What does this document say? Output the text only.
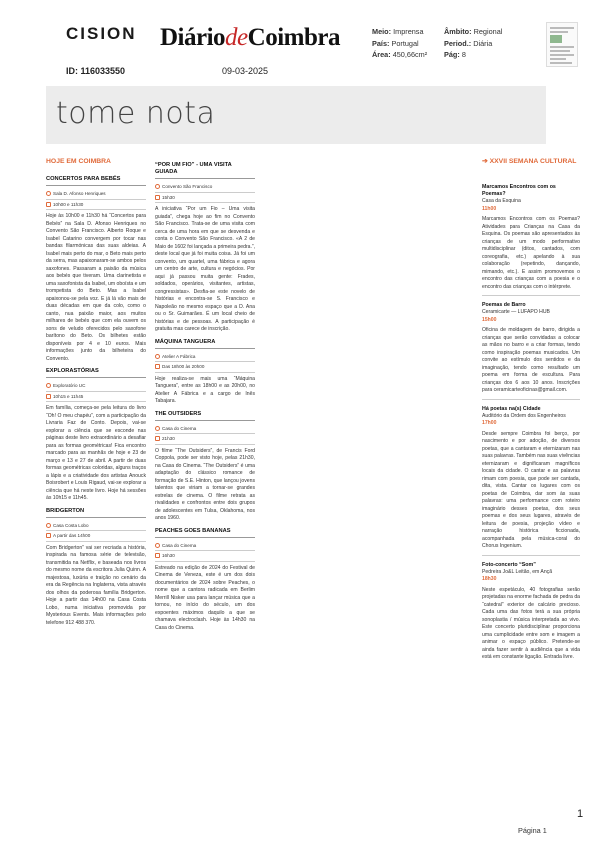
CISION DiáriodeCoimbra	Meio: Imprensa
País: Portugal
Área: 450,66cm²
Âmbito: Regional
Period.: Diária
Pág: 8
ID: 116033550	09-03-2025
tome nota
HOJE EM COIMBRA
CONCERTOS PARA BEBÉS
Sala D. Afonso Henriques
10h00 e 11h30
Hoje às 10h00 e 11h30 há “Concertos para Bebés” na Sala D. Afonso Henriques no Convento São Francisco. Alberto Roque e Isabel Catarino convergem por tocar nas bandas filarmónicas das suas aldeias. A Isabel mais perto do mar, o Beto mais perto da serra, mas apaixonaram-se ambos pelos saxofones. Passaram a paixão da música aos bebés que tiveram. Uma clarinetista e uma saxofonista da Isabel, um oboísta e um trompetista do Beto. Mas a Isabel apaixonou-se pela voz. E já lá vão mais de duas décadas em que da colo, como o canto, nua paixão maior, aos muitos milhares de bebés que com ela ouvem os sons de veludo oferecidos pelo saxofone barítono do Beto. Os bilhetes estão disponíveis por 4 e 10 euros. Mais informações junto da bilheteira do Convento.
EXPLORASTÓRIAS
Exploratório UC
10h15 e 11h45
Em família, começa-se pela leitura do livro “Oh! O meu chapéu”, com a participação da Livraria Faz de Conto. Depois, vai-se explorar a ciência que se esconde nas páginas deste livro extraordinário a desafiar para as formas geométricas! Fica encontro marcado para as manhãs de hoje e 23 de março e 13 e 27 de abril. A partir de duas formas geométricas coloridas, alguns traços a lápis e a criatividade dos artistas Anouck Boisrobert e Louis Rigaud, vai-se explorar a ciência que há neste livro. Hoje há sessões às 10h15 e 11h45.
BRIDGERTON
Casa Costa Lobo
A partir das 14h00
Com Bridgerton” vai ser recriada a história, inspirada na famosa série de televisão, transmitida na Netflix, e baseada nos livros do mesmo nome da escritora Julia Quinn. A majestosa, luxúria e traição no cenário da era da Regência na Inglaterra, vista através dos olhos da poderosa família Bridgerton. Hoje a partir das 14h00 na Casa Costa Lobo, numa iniciativa promovida por Mysterious Events. Mais informações pelo telefone 912 488 370.
“POR UM FIO” - UMA VISITA GUIADA
Convento São Francisco
15h30
A iniciativa “Por um Fio – Uma visita guiada”, chega hoje ao fim no Convento São Francisco. Trata-se de uma visita com cerca de uma hora em que se desvenda e conta o Convento São Francisco. «A 2 de Maio de 1602 foi lançada a primeira pedra.”, destе local que já foi muita coisa. Já foi um convento, um quartel, uma fábrica e agora um centro de arte, cultura e negócios. Por aqui já passou muita gente: Frades, soldados, operários, visitantes, artistas, congressistas». Desfia-se este novelo de histórias e encontra-se S. Francisco e Napoleão no mesmo espaço que a D. Ana ou o Sr. Guimarães. É um local cheio de histórias e de pessoas. A participação é gratuita mas carece de inscrição.
MÁQUINA TANGUERA
Atelier A Fábrica
Das 18h00 às 20h00
Hoje realiza-se mais uma “Máquina Tanguera”, entre as 18h00 e as 20h00, no Atelier A Fábrica e a cargo de Inês Tabajara.
THE OUTSIDERS
Casa do Cinema
21h30
O filme “The Outsiders”, de Francis Ford Coppola, pode ser visto hoje, pelas 21h30, na Casa do Cinema. “The Outsiders” é uma adaptação do clássico romance de formação de S.E. Hinton, que lançou jovens talentos que viriam a tornar-se grandes estrelas de cinema. O filme retrata as rivalidades e confrontos entre dois grupos de adolescentes em Tulsa, Oklahoma, nos anos 1960.
PEACHES GOES BANANAS
Casa do Cinema
16h30
Estreado na edição de 2024 do Festival de Cinema de Veneza, este é um dos dois documentários de 2024 sobre Peaches, o nome que a cantora radicada em Berlim Merrill Nisker usa para lançar música que a tornou, no início do século, um dos expoentes máximos daquilo a que se chamava electroclash. Hoje às 14h30 na Casa do Cinema.
➔ XXVII SEMANA CULTURAL
Marcamos Encontros com os Poemas?
Casa da Esquina
11h00
Marcamos Encontros com os Poemas? Atividades para Crianças na Casa da Esquina. Os poemas são apresentados às crianças de um modo performativo multidisciplinar (ditos, cantados, com coreografia, etc.) apelando à sua colaboração (repetindo, dançando, mimando, etc.). E assim promovemos o encontro das crianças com a poesia e o encontro das crianças com o intérprete.
Poemas de Barro
Ceramicarte — LUFAPO HUB
15h00
Oficina de moldagem de barro, dirigida a crianças que serão convidadas a colocar as mãos no barro e a criar formas, tendo como inspiração poemas musicados. Um convite ao estímulo dos sentidos e da imaginação, tendo como resultado um poema em forma de escultura. Para crianças dos 6 aos 10 anos. Inscrições para ceramicarteoficinas@gmail.com.
Há poetas na(s) Cidade
Auditório da Ordem dos Engenheiros
17h00
Desde sempre Coimbra foi berço, por nascimento e por adoção, de diversos poetas, que a cantaram e eternizaram nas suas palavras. Também nas suas vivências eternizaram e dignificaram magníficos locais da cidade. O cantar e as palavras rimam com poesia, que pode ser cantada, dita, vista. Cantar os lugares com os poetas de Coimbra, dar som às suas palavras: uma performance com roteiro imaginário desses poetas, dos seus poemas e dos seus lugares, através de leitura de poesia, projeção vídeo e narração histórica ficcionada, acompanhada pela música-coral do Chorus Ingenium.
Foto-concerto “Som”
Pedreira Jo&L Leitão, em Ançã
18h30
Neste espetáculo, 40 fotografias serão projetadas na enorme fachada de pedra da “catedral” exterior de calcário precioso. Cada uma das fotos terá a sua própria sonoplastia / música interpretada ao vivo. Este concerto pluridisciplinar proporciona uma cumplicidade entre som e imagem a animar o espaço público. Pretende-se ainda fazer sentir à audiência que a vida está em constante ligação. Entrada livre.
1
Página 1
